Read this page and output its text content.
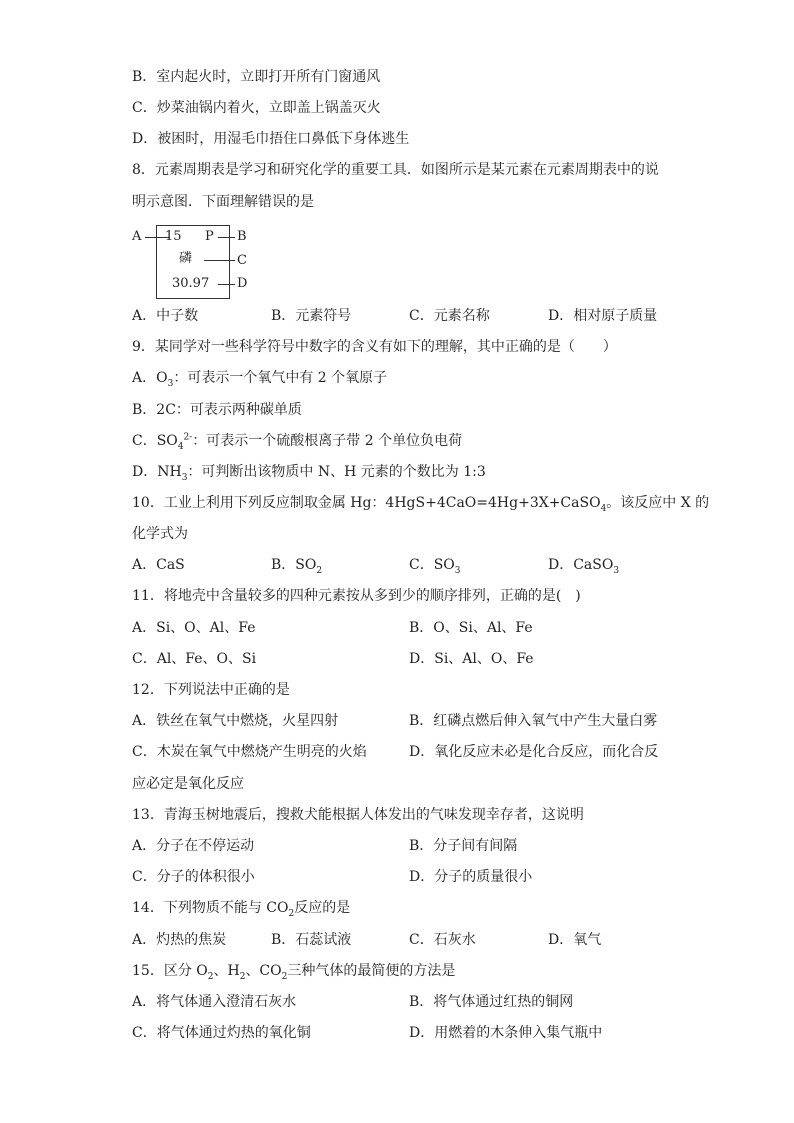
B．室内起火时，立即打开所有门窗通风
C．炒菜油锅内着火，立即盖上锅盖灭火
D．被困时，用湿毛巾捂住口鼻低下身体逃生
8．元素周期表是学习和研究化学的重要工具．如图所示是某元素在元素周期表中的说
明示意图．下面理解错误的是
A 15 P B
磷	C
30.97 D
A．中子数	B．元素符号	C．元素名称	D．相对原子质量
9．某同学对一些科学符号中数字的含义有如下的理解，其中正确的是（　　）
A．$O_3$：可表示一个氧气中有 2 个氧原子
B．2C：可表示两种碳单质
C．$SO_4^{2-}$：可表示一个硫酸根离子带 2 个单位负电荷
D．$NH_3$：可判断出该物质中 N、H 元素的个数比为 1:3
10．工业上利用下列反应制取金属 Hg：4HgS+4CaO=4Hg+3X+CaSO$_4$。该反应中 X 的
化学式为
A．CaS	B．$SO_2$	C．$SO_3$	D．CaSO$_3$
11．将地壳中含量较多的四种元素按从多到少的顺序排列，正确的是(　)
A．Si、O、Al、Fe	B．O、Si、Al、Fe
C．Al、Fe、O、Si	D．Si、Al、O、Fe
12．下列说法中正确的是
A．铁丝在氧气中燃烧，火星四射	B．红磷点燃后伸入氧气中产生大量白雾
C．木炭在氧气中燃烧产生明亮的火焰	D．氧化反应未必是化合反应，而化合反
应必定是氧化反应
13．青海玉树地震后，搜救犬能根据人体发出的气味发现幸存者，这说明
A．分子在不停运动	B．分子间有间隔
C．分子的体积很小	D．分子的质量很小
14．下列物质不能与 $CO_2$反应的是
A．灼热的焦炭	B．石蕊试液	C．石灰水	D．氧气
15．区分 $O_2$、$H_2$、$CO_2$三种气体的最简便的方法是
A．将气体通入澄清石灰水	B．将气体通过红热的铜网
C．将气体通过灼热的氧化铜	D．用燃着的木条伸入集气瓶中
